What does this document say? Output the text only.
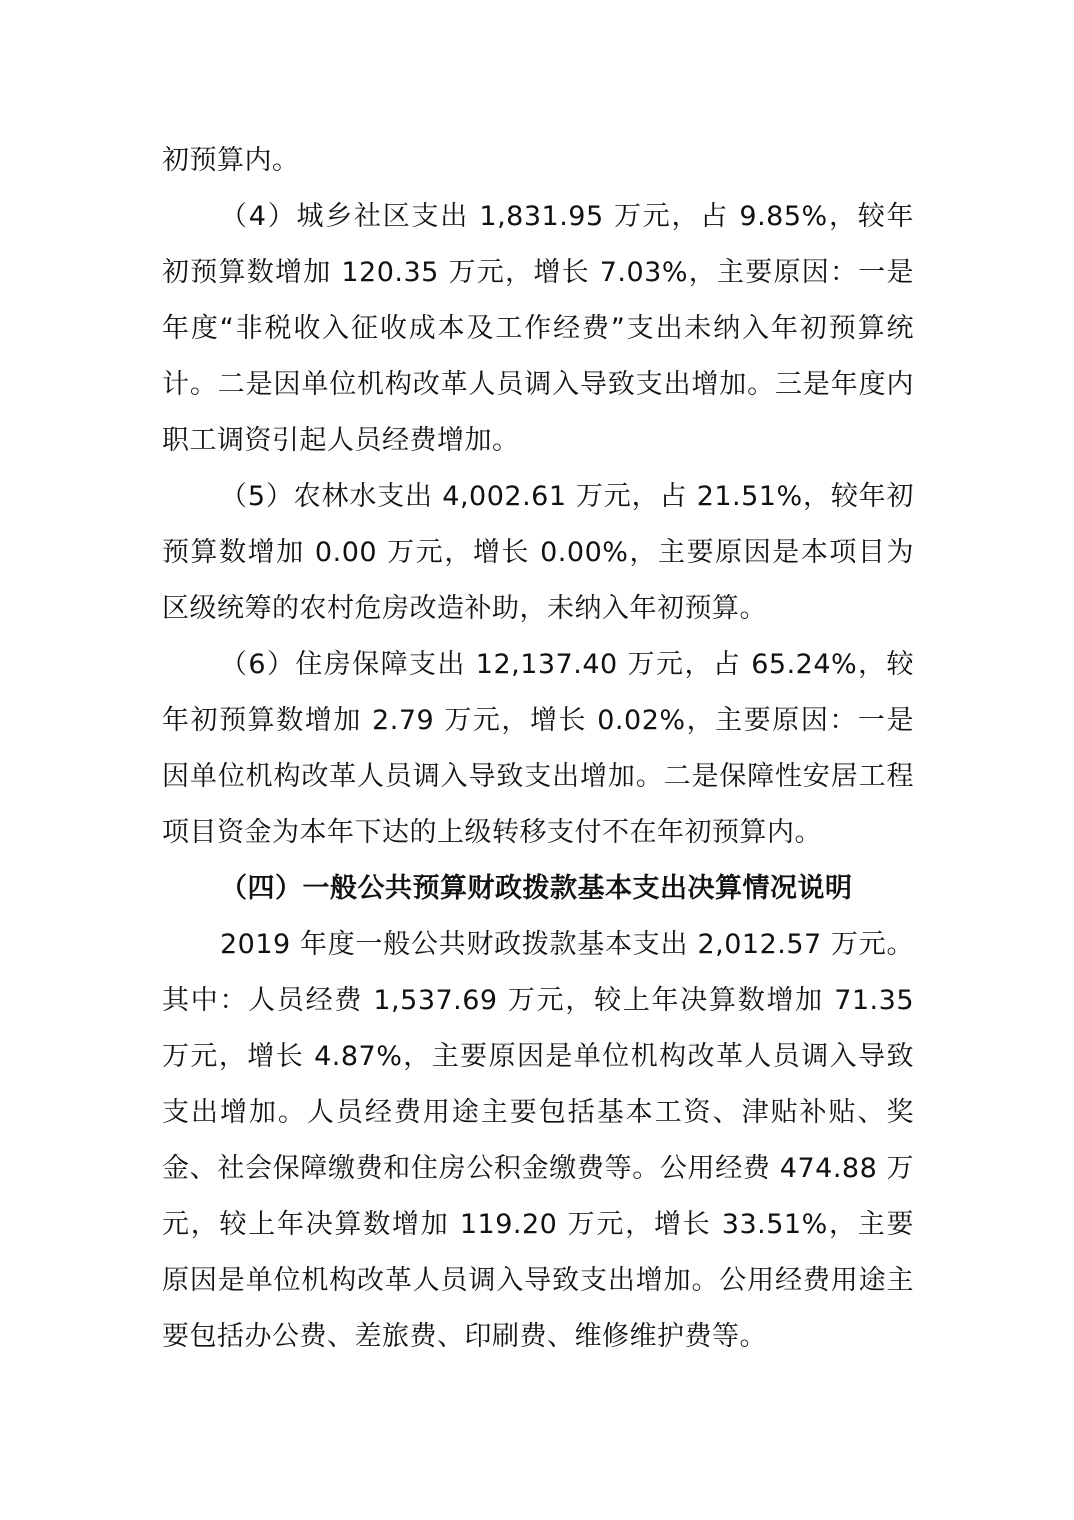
初预算内。

（4）城乡社区支出 1,831.95 万元，占 9.85%，较年初预算数增加 120.35 万元，增长 7.03%，主要原因：一是年度“非税收入征收成本及工作经费”支出未纳入年初预算统计。二是因单位机构改革人员调入导致支出增加。三是年度内职工调资引起人员经费增加。

（5）农林水支出 4,002.61 万元，占 21.51%，较年初预算数增加 0.00 万元，增长 0.00%，主要原因是本项目为区级统筹的农村危房改造补助，未纳入年初预算。

（6）住房保障支出 12,137.40 万元，占 65.24%，较年初预算数增加 2.79 万元，增长 0.02%，主要原因：一是因单位机构改革人员调入导致支出增加。二是保障性安居工程项目资金为本年下达的上级转移支付不在年初预算内。

（四）一般公共预算财政拨款基本支出决算情况说明

2019 年度一般公共财政拨款基本支出 2,012.57 万元。其中：人员经费 1,537.69 万元，较上年决算数增加 71.35 万元，增长 4.87%，主要原因是单位机构改革人员调入导致支出增加。人员经费用途主要包括基本工资、津贴补贴、奖金、社会保障缴费和住房公积金缴费等。公用经费 474.88 万元，较上年决算数增加 119.20 万元，增长 33.51%，主要原因是单位机构改革人员调入导致支出增加。公用经费用途主要包括办公费、差旅费、印刷费、维修维护费等。
